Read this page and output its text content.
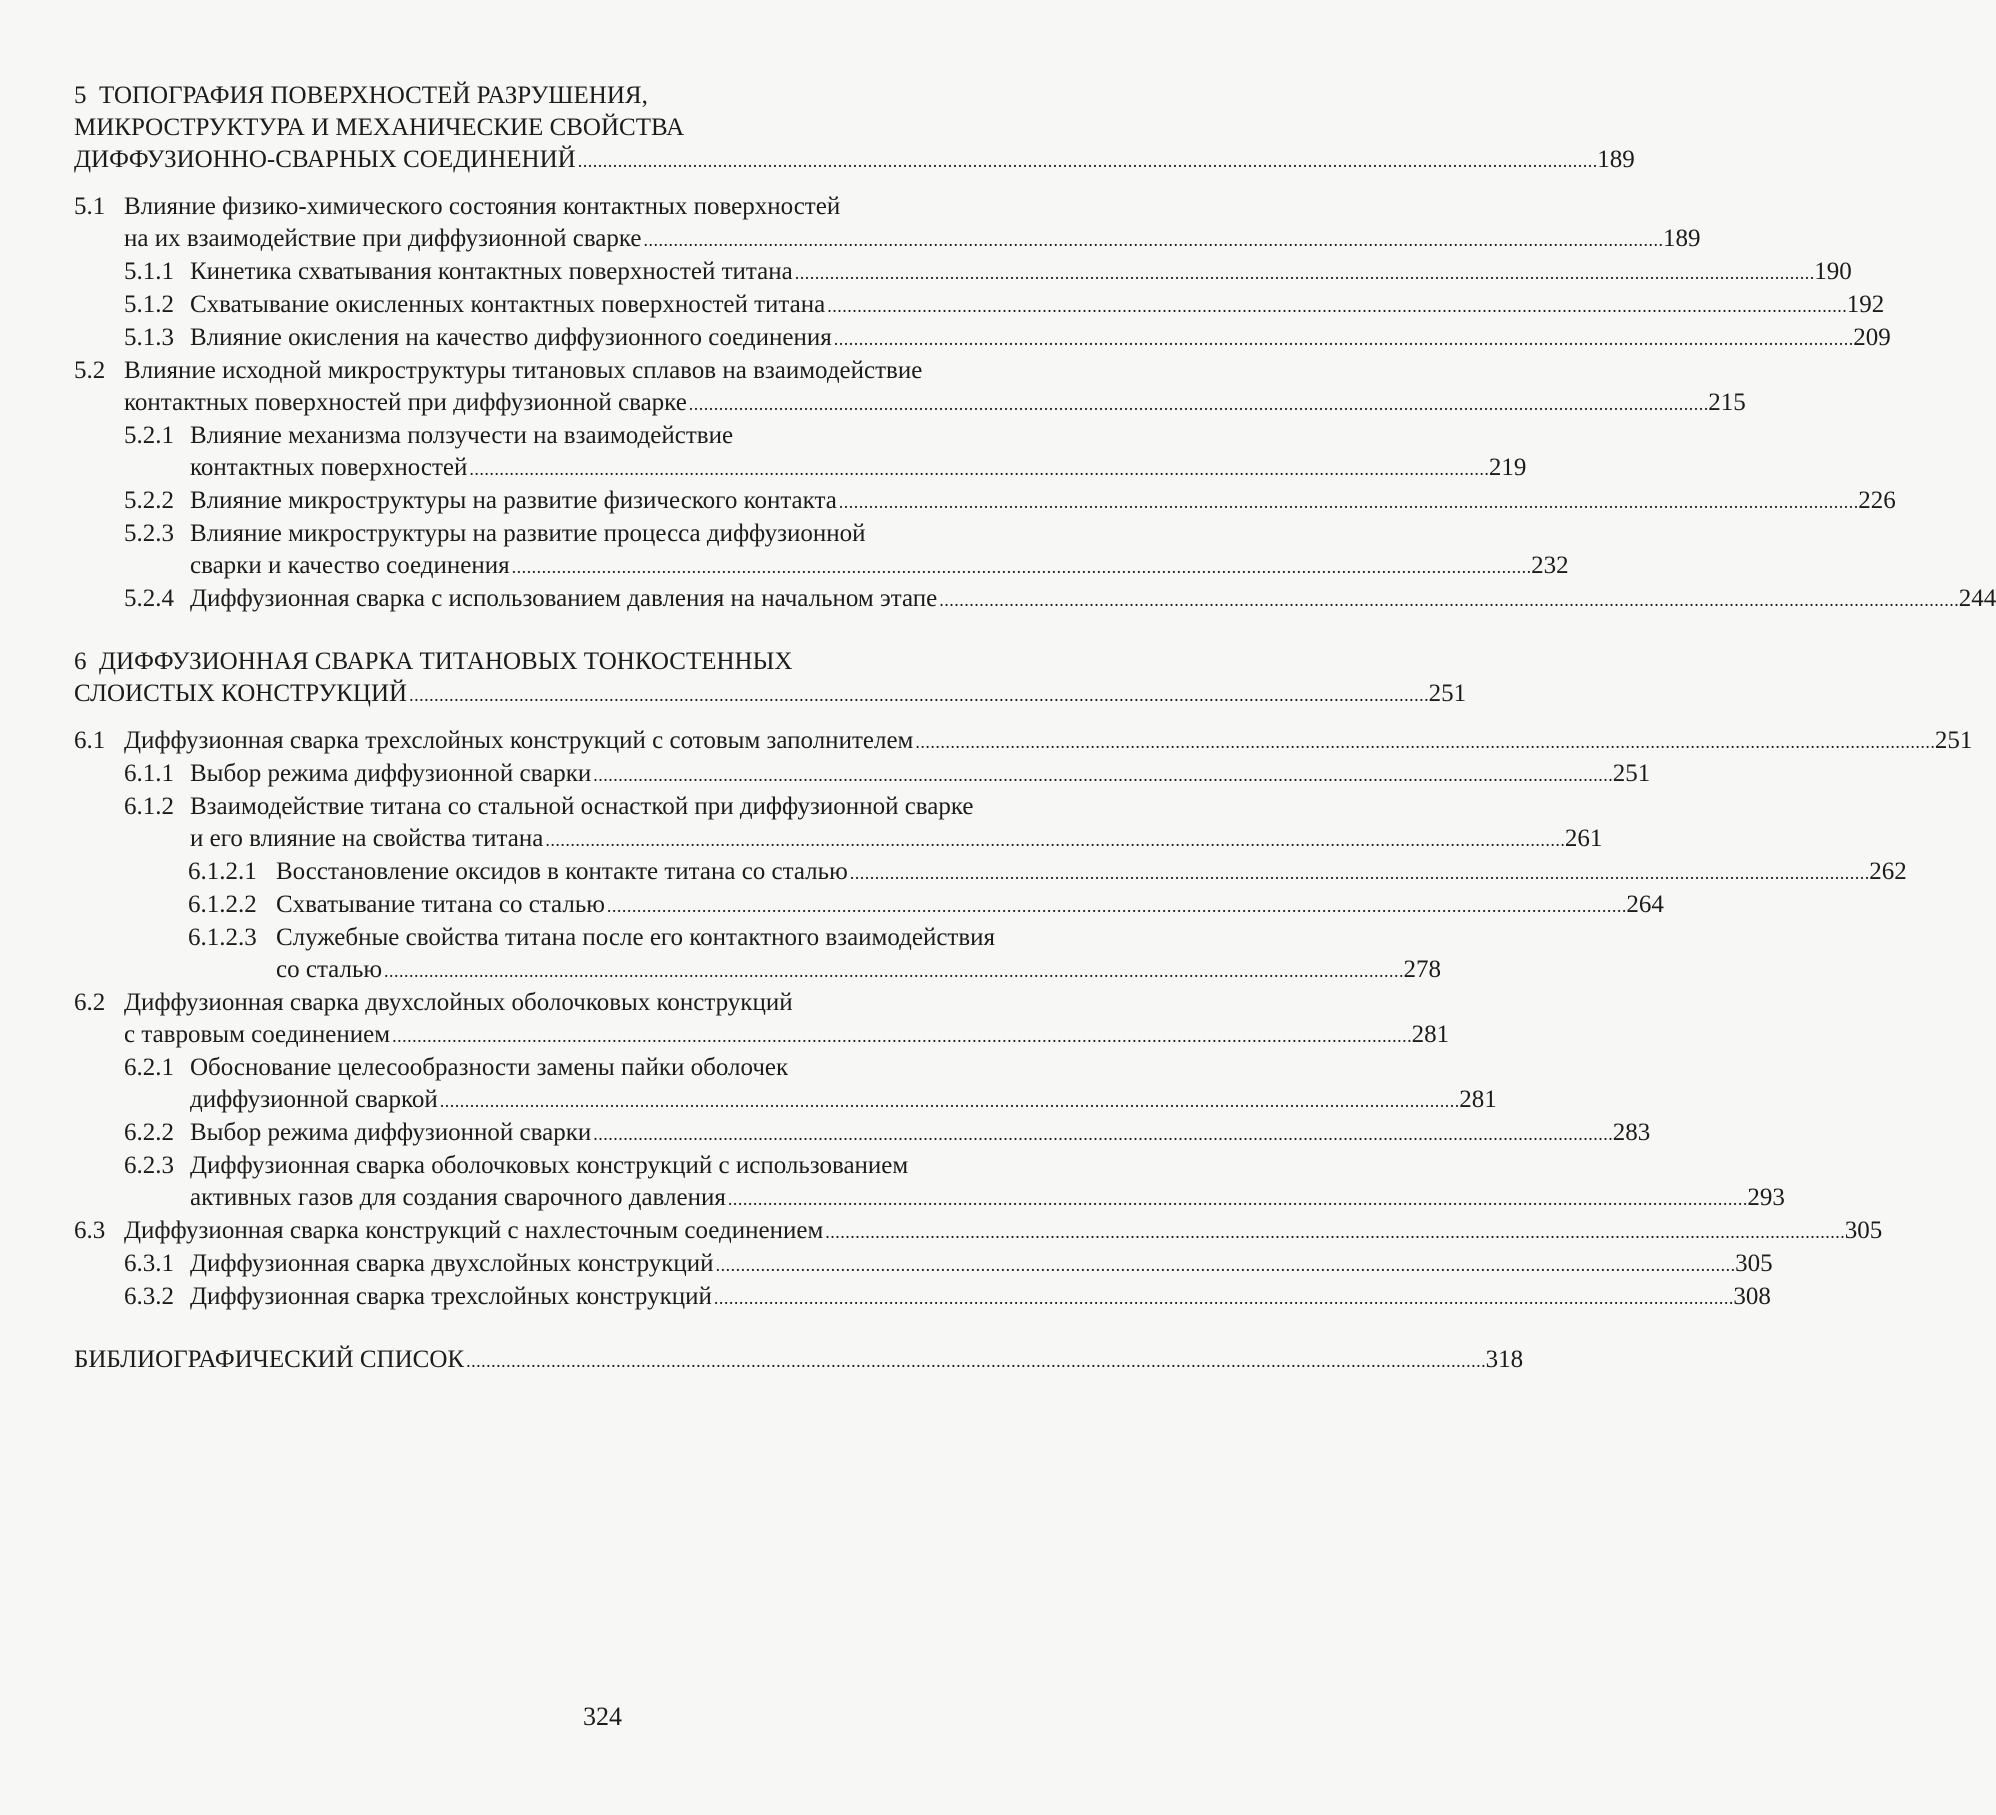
5 ТОПОГРАФИЯ ПОВЕРХНОСТЕЙ РАЗРУШЕНИЯ,
МИКРОСТРУКТУРА И МЕХАНИЧЕСКИЕ СВОЙСТВА
ДИФФУЗИОННО-СВАРНЫХ СОЕДИНЕНИЙ . . .	189
5.1 Влияние физико-химического состояния контактных поверхностей
на их взаимодействие при диффузионной сварке . . .	189
5.1.1 Кинетика схватывания контактных поверхностей титана . . .	190
5.1.2 Схватывание окисленных контактных поверхностей титана . . .	192
5.1.3 Влияние окисления на качество диффузионного соединения . . .	209
5.2 Влияние исходной микроструктуры титановых сплавов на взаимодействие
контактных поверхностей при диффузионной сварке . . .	215
5.2.1 Влияние механизма ползучести на взаимодействие
контактных поверхностей . . .	219
5.2.2 Влияние микроструктуры на развитие физического контакта . . .	226
5.2.3 Влияние микроструктуры на развитие процесса диффузионной
сварки и качество соединения . . .	232
5.2.4 Диффузионная сварка с использованием давления на начальном этапе . . .	244
6 ДИФФУЗИОННАЯ СВАРКА ТИТАНОВЫХ ТОНКОСТЕННЫХ
СЛОИСТЫХ КОНСТРУКЦИЙ . . .	251
6.1 Диффузионная сварка трехслойных конструкций с сотовым заполнителем . . .	251
6.1.1 Выбор режима диффузионной сварки . . .	251
6.1.2 Взаимодействие титана со стальной оснасткой при диффузионной сварке
и его влияние на свойства титана . . .	261
6.1.2.1 Восстановление оксидов в контакте титана со сталью . . .	262
6.1.2.2 Схватывание титана со сталью . . .	264
6.1.2.3 Служебные свойства титана после его контактного взаимодействия
со сталью . . .	278
6.2 Диффузионная сварка двухслойных оболочковых конструкций
с тавровым соединением . . .	281
6.2.1 Обоснование целесообразности замены пайки оболочек
диффузионной сваркой . . .	281
6.2.2 Выбор режима диффузионной сварки . . .	283
6.2.3 Диффузионная сварка оболочковых конструкций с использованием
активных газов для создания сварочного давления . . .	293
6.3 Диффузионная сварка конструкций с нахлесточным соединением . . .	305
6.3.1 Диффузионная сварка двухслойных конструкций . . .	305
6.3.2 Диффузионная сварка трехслойных конструкций . . .	308
БИБЛИОГРАФИЧЕСКИЙ СПИСОК . . .	318
324
